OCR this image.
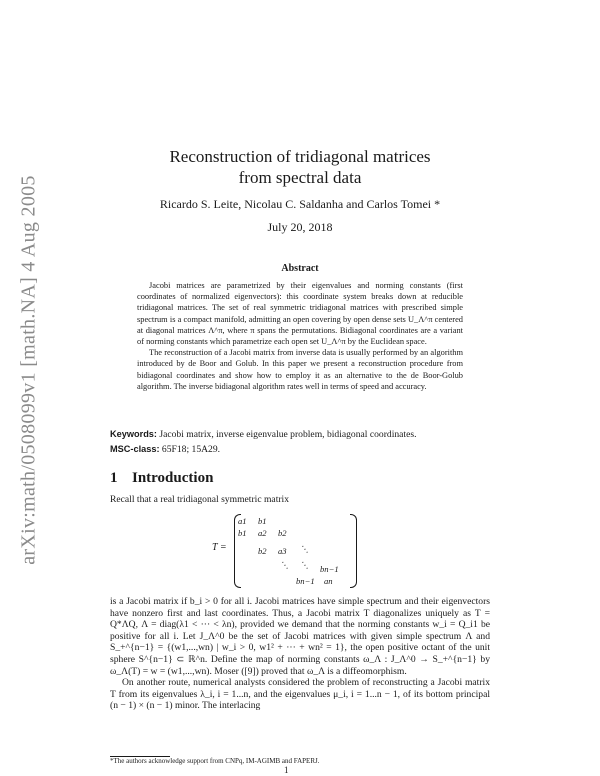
arXiv:math/0508099v1 [math.NA] 4 Aug 2005
Reconstruction of tridiagonal matrices
from spectral data
Ricardo S. Leite, Nicolau C. Saldanha and Carlos Tomei *
July 20, 2018
Abstract

Jacobi matrices are parametrized by their eigenvalues and norming constants (first coordinates of normalized eigenvectors): this coordinate system breaks down at reducible tridiagonal matrices. The set of real symmetric tridiagonal matrices with prescribed simple spectrum is a compact manifold, admitting an open covering by open dense sets U_Λ^π centered at diagonal matrices Λ^π, where π spans the permutations. Bidiagonal coordinates are a variant of norming constants which parametrize each open set U_Λ^π by the Euclidean space.

The reconstruction of a Jacobi matrix from inverse data is usually performed by an algorithm introduced by de Boor and Golub. In this paper we present a reconstruction procedure from bidiagonal coordinates and show how to employ it as an alternative to the de Boor-Golub algorithm. The inverse bidiagonal algorithm rates well in terms of speed and accuracy.

Keywords: Jacobi matrix, inverse eigenvalue problem, bidiagonal coordinates.
MSC-class: 65F18; 15A29.
1 Introduction

Recall that a real tridiagonal symmetric matrix

T =
a1 b1
b1 a2 b2
b2 a3 ⋱
⋱ ⋱ bn−1
bn−1 an

is a Jacobi matrix if b_i > 0 for all i. Jacobi matrices have simple spectrum and their eigenvectors have nonzero first and last coordinates. Thus, a Jacobi matrix T diagonalizes uniquely as T = Q*ΛQ, Λ = diag(λ1 < ··· < λn), provided we demand that the norming constants w_i = Q_i1 be positive for all i. Let J_Λ^0 be the set of Jacobi matrices with given simple spectrum Λ and S_+^{n−1} = {(w1,...,wn) | w_i > 0, w1² + ··· + wn² = 1}, the open positive octant of the unit sphere S^{n−1} ⊂ ℝ^n. Define the map of norming constants ω_Λ : J_Λ^0 → S_+^{n−1} by ω_Λ(T) = w = (w1,...,wn). Moser ([9]) proved that ω_Λ is a diffeomorphism.

On another route, numerical analysts considered the problem of reconstructing a Jacobi matrix T from its eigenvalues λ_i, i = 1...n, and the eigenvalues μ_i, i = 1...n − 1, of its bottom principal (n − 1) × (n − 1) minor. The interlacing

*The authors acknowledge support from CNPq, IM-AGIMB and FAPERJ.
1
